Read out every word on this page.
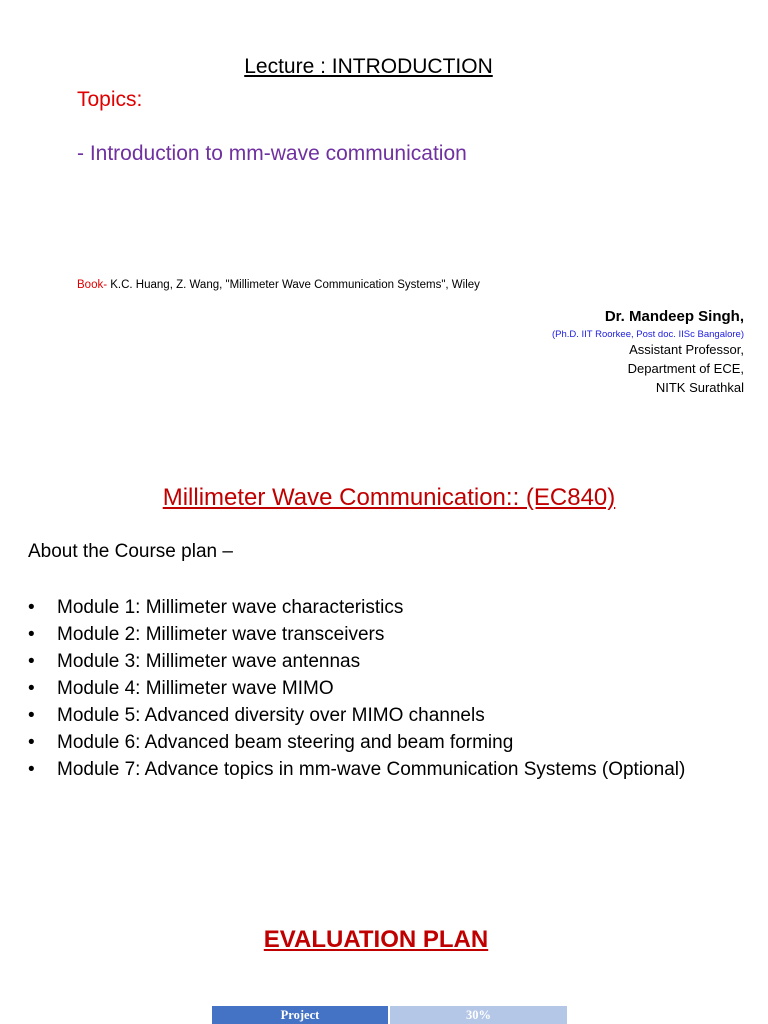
Lecture : INTRODUCTION
Topics:
- Introduction to mm-wave communication
Book- K.C. Huang, Z. Wang, "Millimeter Wave Communication Systems", Wiley
Dr. Mandeep Singh,
(Ph.D. IIT Roorkee, Post doc. IISc Bangalore)
Assistant Professor,
Department of ECE,
NITK Surathkal
Millimeter Wave Communication:: (EC840)
About the Course plan –
• Module 1: Millimeter wave characteristics
• Module 2: Millimeter wave transceivers
• Module 3: Millimeter wave antennas
• Module 4: Millimeter wave MIMO
• Module 5: Advanced diversity over MIMO channels
• Module 6: Advanced beam steering and beam forming
• Module 7: Advance topics in mm-wave Communication Systems (Optional)
EVALUATION PLAN
Project	30%
